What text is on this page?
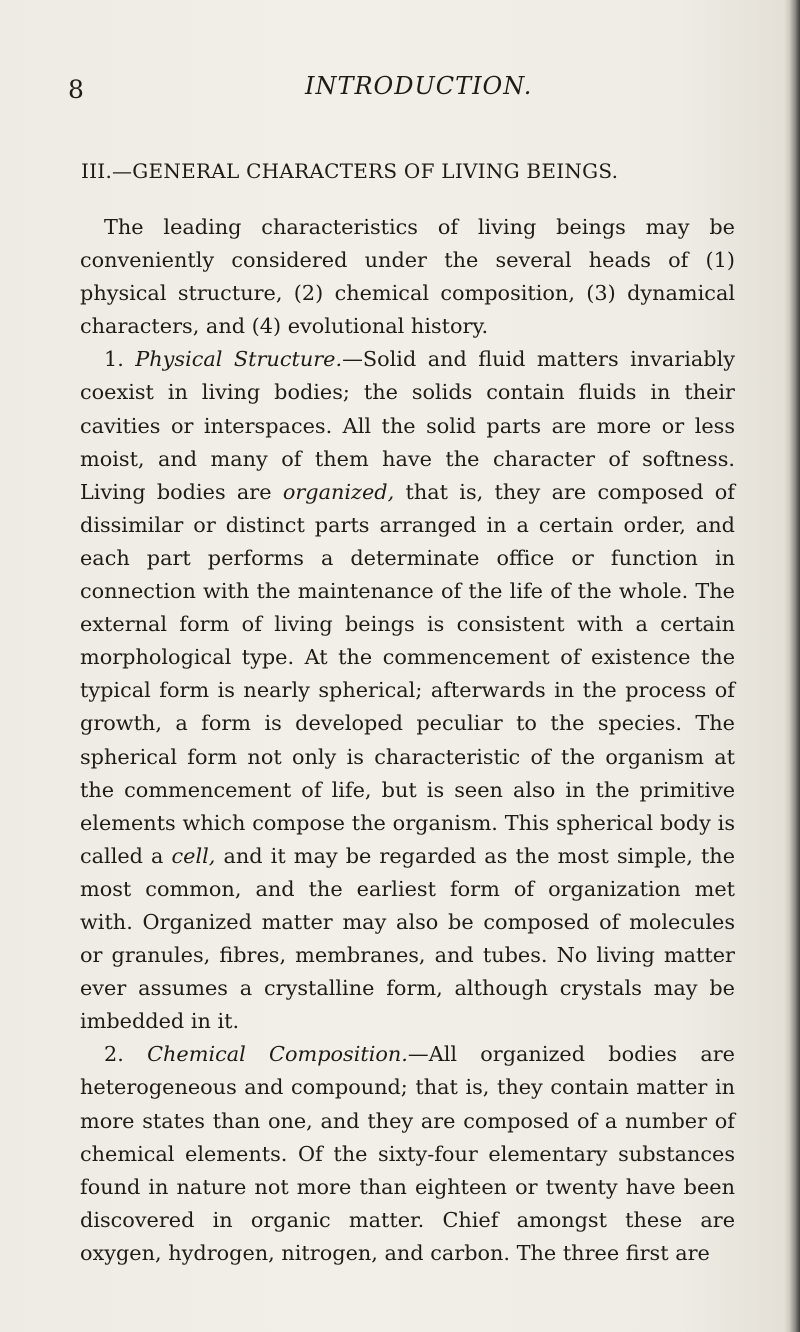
8	INTRODUCTION.
III.—GENERAL CHARACTERS OF LIVING BEINGS.

The leading characteristics of living beings may be conveniently considered under the several heads of (1) physical structure, (2) chemical composition, (3) dynamical characters, and (4) evolutional history.

1. Physical Structure.—Solid and fluid matters invariably coexist in living bodies; the solids contain fluids in their cavities or interspaces. All the solid parts are more or less moist, and many of them have the character of softness. Living bodies are organized, that is, they are composed of dissimilar or distinct parts arranged in a certain order, and each part performs a determinate office or function in connection with the maintenance of the life of the whole. The external form of living beings is consistent with a certain morphological type. At the commencement of existence the typical form is nearly spherical; afterwards in the process of growth, a form is developed peculiar to the species. The spherical form not only is characteristic of the organism at the commencement of life, but is seen also in the primitive elements which compose the organism. This spherical body is called a cell, and it may be regarded as the most simple, the most common, and the earliest form of organization met with. Organized matter may also be composed of molecules or granules, fibres, membranes, and tubes. No living matter ever assumes a crystalline form, although crystals may be imbedded in it.

2. Chemical Composition.—All organized bodies are heterogeneous and compound; that is, they contain matter in more states than one, and they are composed of a number of chemical elements. Of the sixty-four elementary substances found in nature not more than eighteen or twenty have been discovered in organic matter. Chief amongst these are oxygen, hydrogen, nitrogen, and carbon. The three first are
